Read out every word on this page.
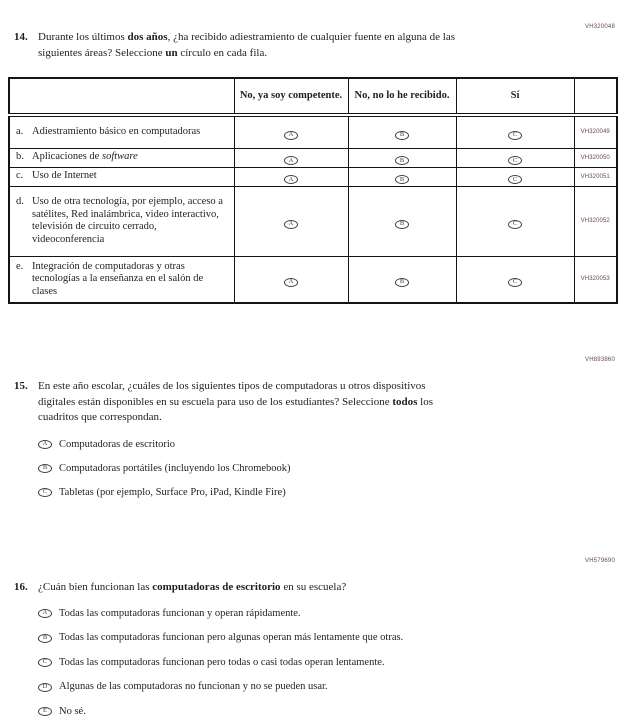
VH320048
14. Durante los últimos dos años, ¿ha recibido adiestramiento de cualquier fuente en alguna de las siguientes áreas? Seleccione un círculo en cada fila.
	No, ya soy competente.	No, no lo he recibido.	Sí	

a. Adiestramiento básico en computadoras	A	B	C	VH320049

b. Aplicaciones de software	A	B	C	VH320050

c. Uso de Internet	A	B	C	VH320051

d. Uso de otra tecnología, por ejemplo, acceso a satélites, Red inalámbrica, video interactivo, televisión de circuito cerrado, videoconferencia	A	B	C	VH320052

e. Integración de computadoras y otras tecnologías a la enseñanza en el salón de clases	A	B	C	VH320053
VH893860
15. En este año escolar, ¿cuáles de los siguientes tipos de computadoras u otros dispositivos digitales están disponibles en su escuela para uso de los estudiantes? Seleccione todos los cuadritos que correspondan.
A Computadoras de escritorio
B Computadoras portátiles (incluyendo los Chromebook)
C Tabletas (por ejemplo, Surface Pro, iPad, Kindle Fire)
VH579690
16. ¿Cuán bien funcionan las computadoras de escritorio en su escuela?
A Todas las computadoras funcionan y operan rápidamente.
B Todas las computadoras funcionan pero algunas operan más lentamente que otras.
C Todas las computadoras funcionan pero todas o casi todas operan lentamente.
D Algunas de las computadoras no funcionan y no se pueden usar.
E No sé.
